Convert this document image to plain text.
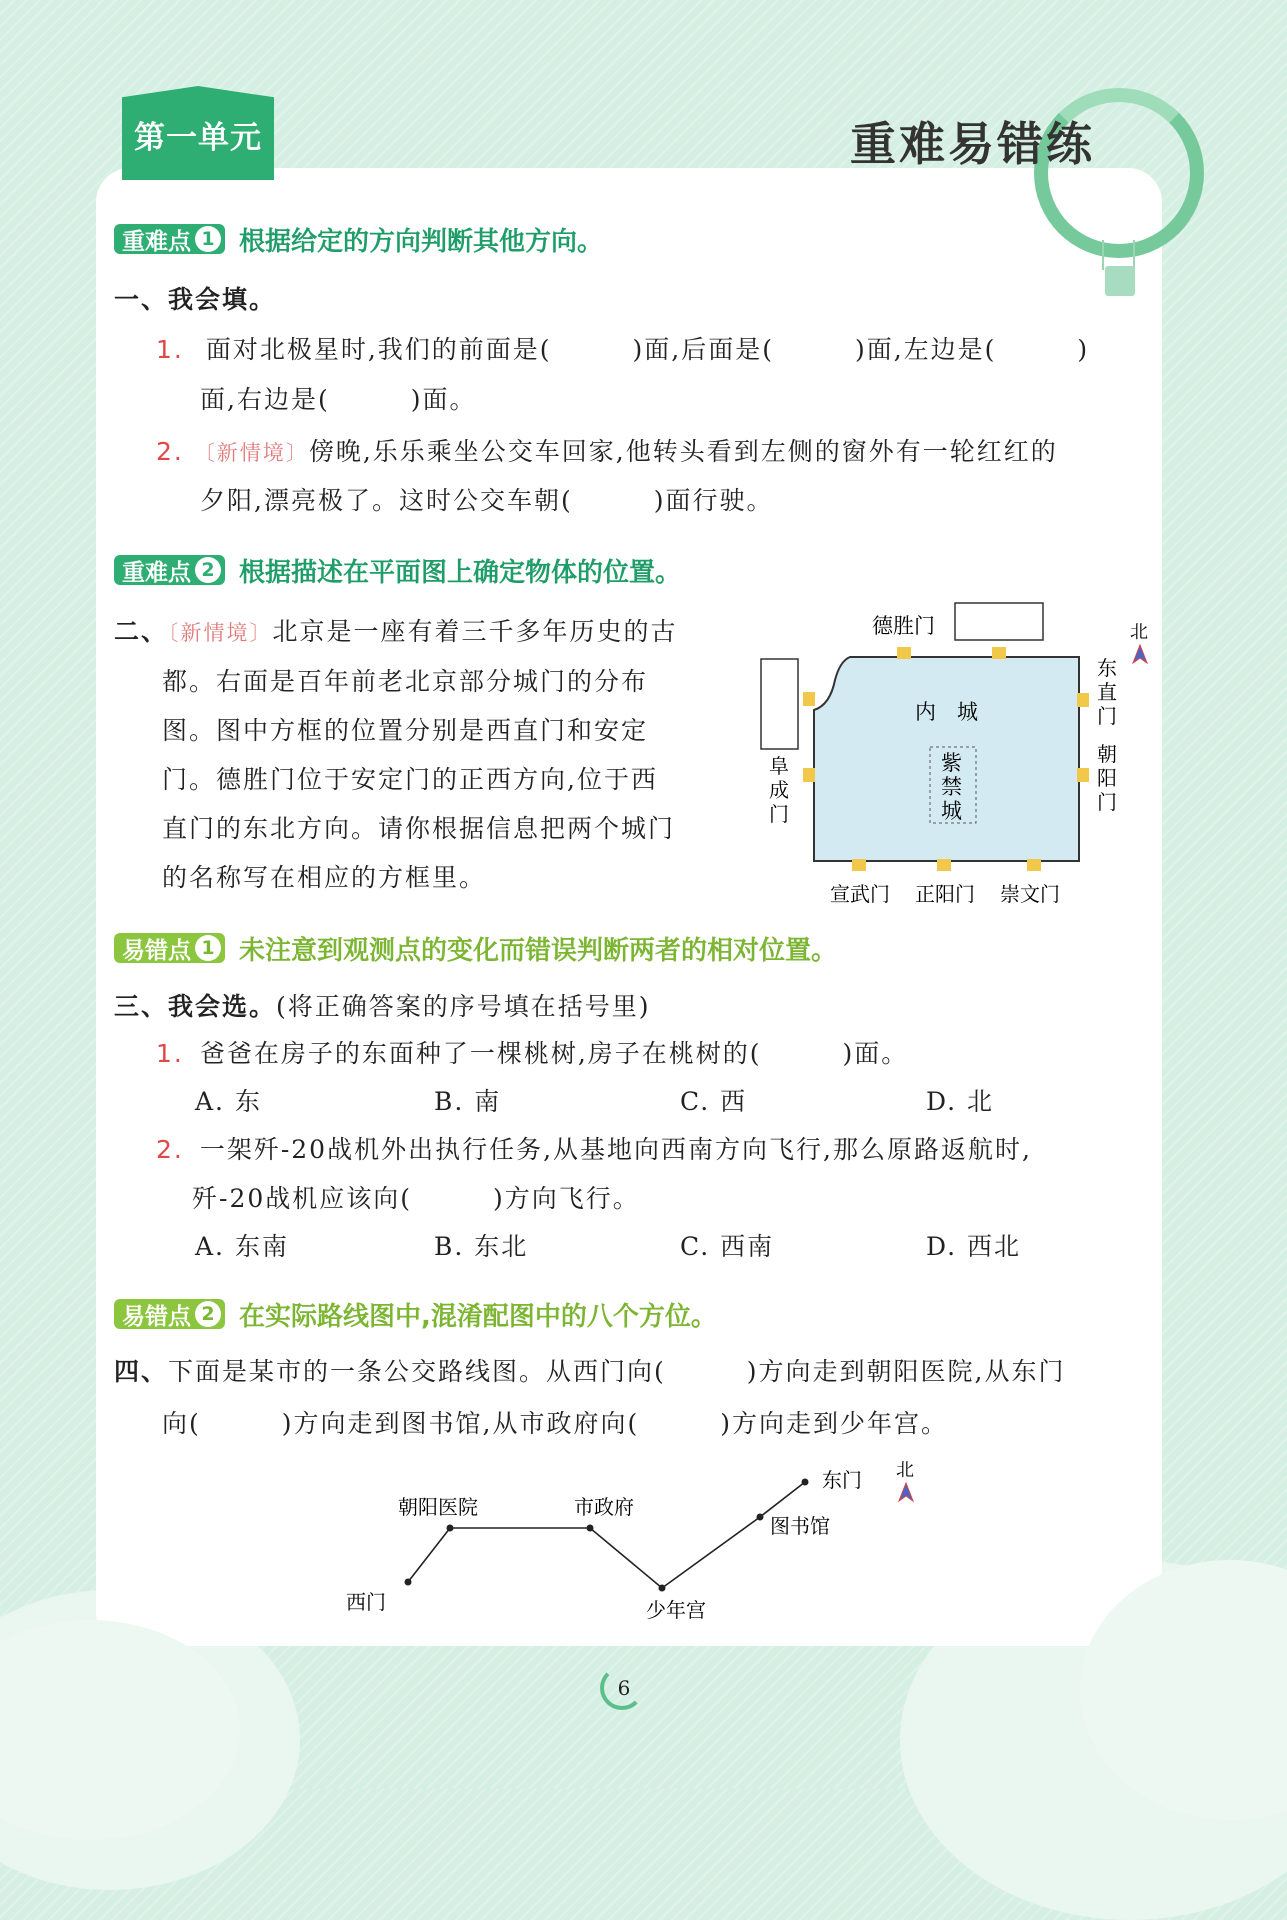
第一单元	重难易错练
重难点 1 根据给定的方向判断其他方向。
一、我会填。
1. 面对北极星时,我们的前面是(　　　)面,后面是(　　　)面,左边是(　　　)
面,右边是(　　　)面。
2. 〔新情境〕傍晚,乐乐乘坐公交车回家,他转头看到左侧的窗外有一轮红红的
夕阳,漂亮极了。这时公交车朝(　　　)面行驶。
重难点 2 根据描述在平面图上确定物体的位置。
二、〔新情境〕北京是一座有着三千多年历史的古
都。右面是百年前老北京部分城门的分布
图。图中方框的位置分别是西直门和安定
门。德胜门位于安定门的正西方向,位于西
直门的东北方向。请你根据信息把两个城门
的名称写在相应的方框里。
德胜门
内　城
紫
禁
城
东
直
门
朝
阳
门
阜
成
门
宣武门 正阳门 崇文门
北
易错点 1 未注意到观测点的变化而错误判断两者的相对位置。
三、我会选。(将正确答案的序号填在括号里)
1. 爸爸在房子的东面种了一棵桃树,房子在桃树的(　　　)面。
A. 东	B. 南	C. 西	D. 北
2. 一架歼-20战机外出执行任务,从基地向西南方向飞行,那么原路返航时,
歼-20战机应该向(　　　)方向飞行。
A. 东南	B. 东北	C. 西南	D. 西北
易错点 2 在实际路线图中,混淆配图中的八个方位。
四、下面是某市的一条公交路线图。从西门向(　　　)方向走到朝阳医院,从东门
向(　　　)方向走到图书馆,从市政府向(　　　)方向走到少年宫。
西门
朝阳医院	市政府
少年宫
图书馆
东门 北
6
